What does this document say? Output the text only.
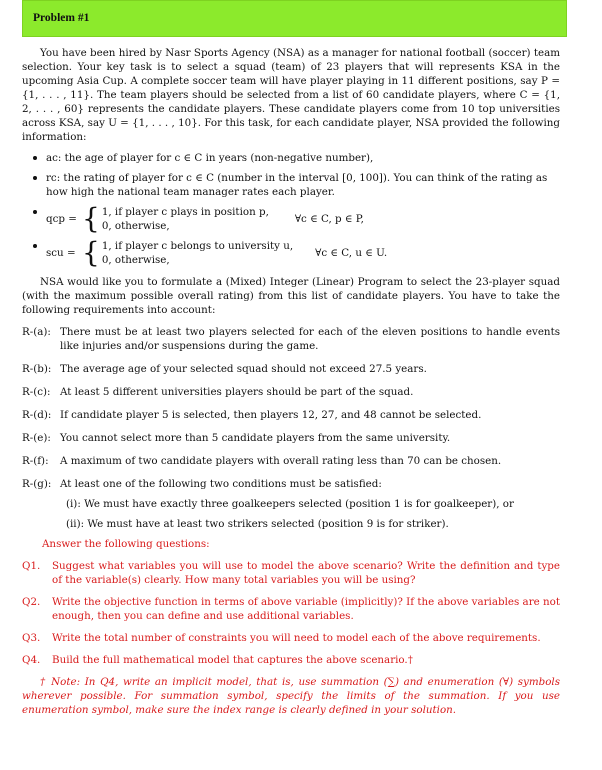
Problem #1

You have been hired by Nasr Sports Agency (NSA) as a manager for national football (soccer) team selection. Your key task is to select a squad (team) of 23 players that will represents KSA in the upcoming Asia Cup. A complete soccer team will have player playing in 11 different positions, say P = {1, . . . , 11}. The team players should be selected from a list of 60 candidate players, where C = {1, 2, . . . , 60} represents the candidate players. These candidate players come from 10 top universities across KSA, say U = {1, . . . , 10}. For this task, for each candidate player, NSA provided the following information:

ac: the age of player for c ∈ C in years (non-negative number),
rc: the rating of player for c ∈ C (number in the interval [0, 100]). You can think of the rating as how high the national team manager rates each player.
qcp = { 1, if player c plays in position p,
0, otherwise,
∀c ∈ C, p ∈ P,
scu = { 1, if player c belongs to university u,
0, otherwise,
∀c ∈ C, u ∈ U.

NSA would like you to formulate a (Mixed) Integer (Linear) Program to select the 23-player squad (with the maximum possible overall rating) from this list of candidate players. You have to take the following requirements into account:

R-(a): There must be at least two players selected for each of the eleven positions to handle events like injuries and/or suspensions during the game.
R-(b): The average age of your selected squad should not exceed 27.5 years.
R-(c): At least 5 different universities players should be part of the squad.
R-(d): If candidate player 5 is selected, then players 12, 27, and 48 cannot be selected.
R-(e): You cannot select more than 5 candidate players from the same university.
R-(f):	A maximum of two candidate players with overall rating less than 70 can be chosen.
R-(g): At least one of the following two conditions must be satisfied:
(i): We must have exactly three goalkeepers selected (position 1 is for goalkeeper), or
(ii): We must have at least two strikers selected (position 9 is for striker).
Answer the following questions:
Q1.	Suggest what variables you will use to model the above scenario? Write the definition and type of the variable(s) clearly. How many total variables you will be using?
Q2.	Write the objective function in terms of above variable (implicitly)? If the above variables are not enough, then you can define and use additional variables.
Q3.	Write the total number of constraints you will need to model each of the above requirements.
Q4.	Build the full mathematical model that captures the above scenario.†

† Note: In Q4, write an implicit model, that is, use summation (∑) and enumeration (∀) symbols wherever possible. For summation symbol, specify the limits of the summation. If you use enumeration symbol, make sure the index range is clearly defined in your solution.
